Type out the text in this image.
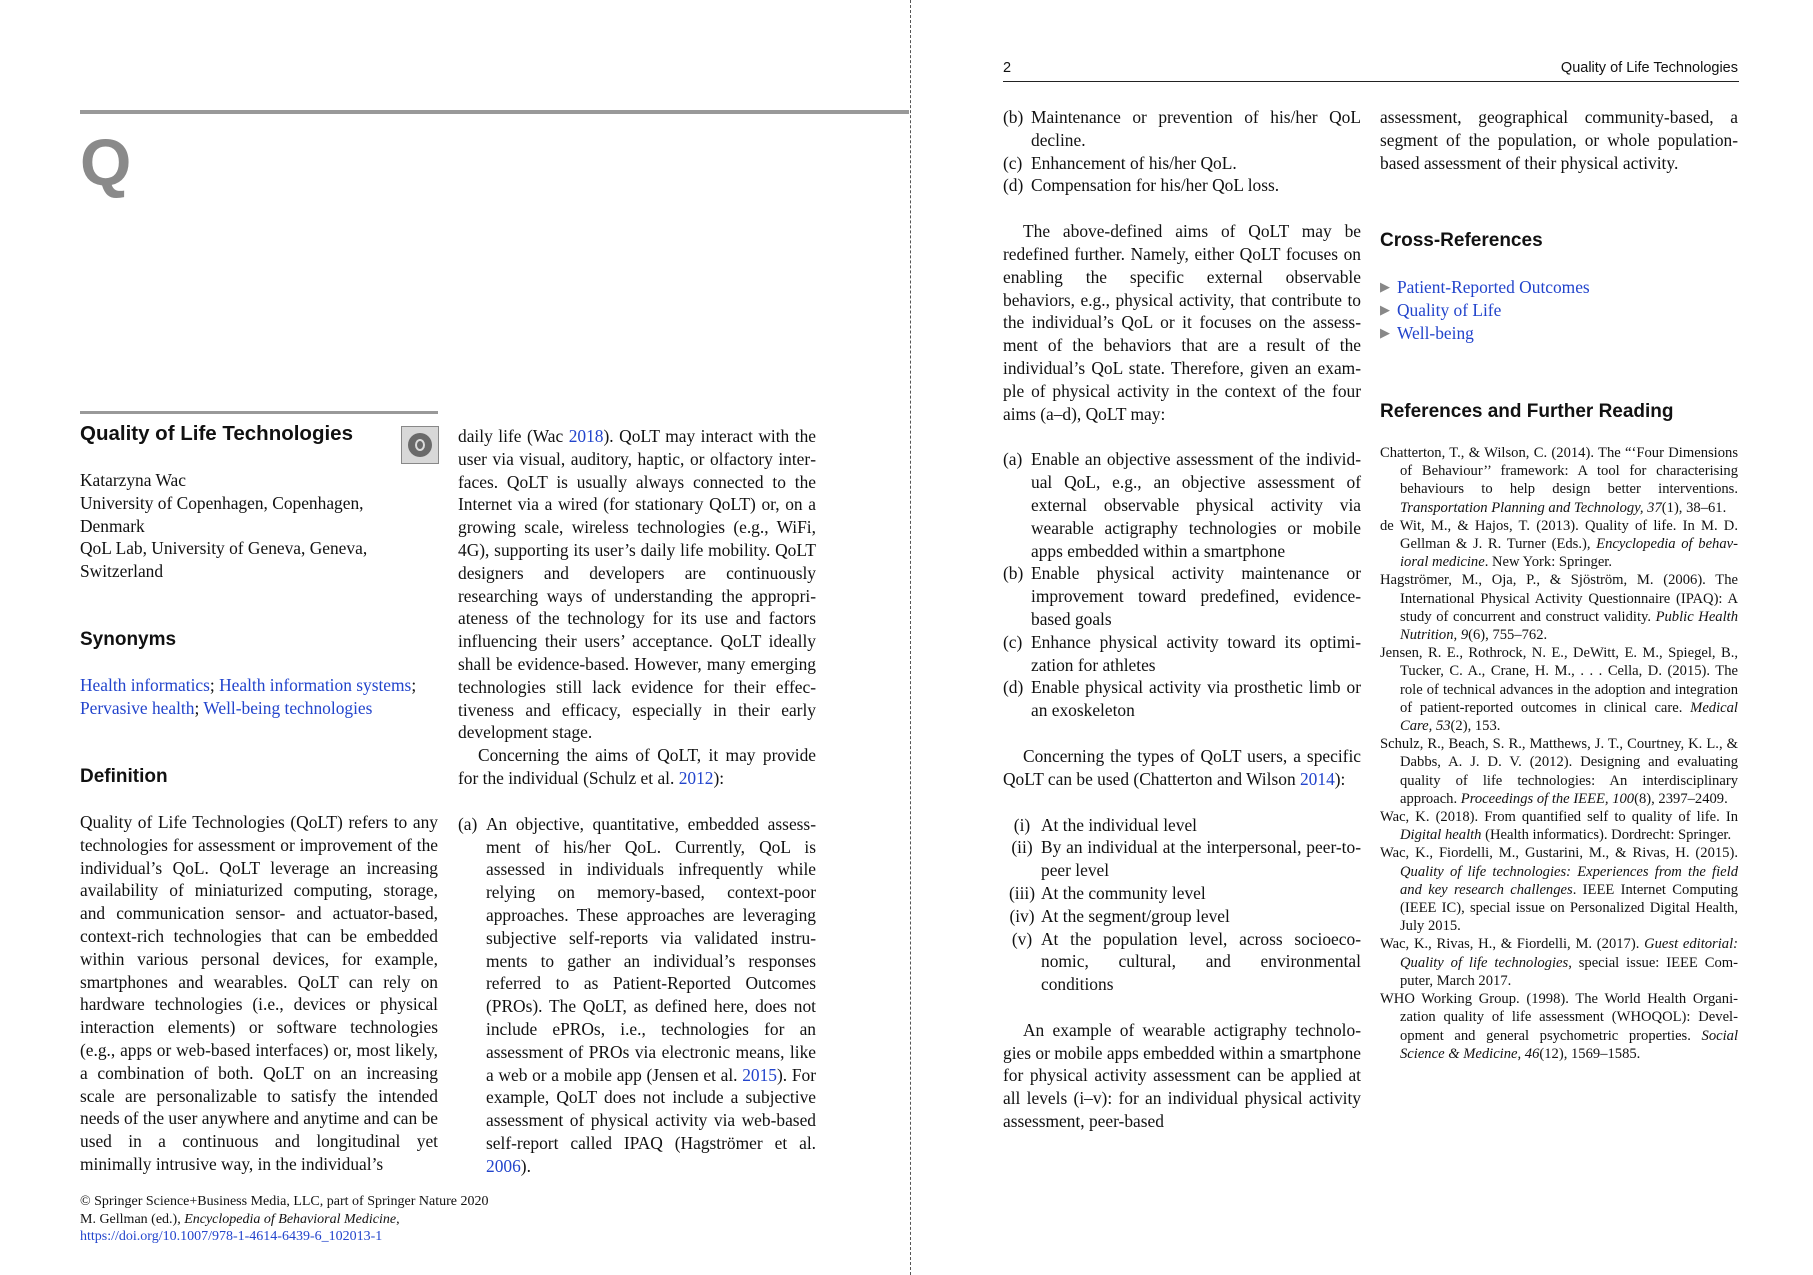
Q
Quality of Life Technologies
Katarzyna Wac
University of Copenhagen, Copenhagen,
Denmark
QoL Lab, University of Geneva, Geneva,
Switzerland
Synonyms
Health informatics; Health information systems;
Pervasive health; Well-being technologies
Definition

Quality of Life Technologies (QoLT) refers to any technologies for assessment or improvement of the individual’s QoL. QoLT leverage an increasing availability of miniaturized computing, storage, and communication sensor- and actuator-based, context-rich technologies that can be embedded within various personal devices, for example, smartphones and wearables. QoLT can rely on hardware technologies (i.e., devices or physical interaction elements) or software technologies (e.g., apps or web-based interfaces) or, most likely, a combination of both. QoLT on an increasing scale are personalizable to satisfy the intended needs of the user anywhere and anytime and can be used in a continuous and longitudinal yet minimally intrusive way, in the individual’s

daily life (Wac 2018). QoLT may interact with the user via visual, auditory, haptic, or olfactory interfaces. QoLT is usually always connected to the Internet via a wired (for stationary QoLT) or, on a growing scale, wireless technologies (e.g., WiFi, 4G), supporting its user’s daily life mobility. QoLT designers and developers are continuously researching ways of understanding the appropriateness of the technology for its use and factors influencing their users’ acceptance. QoLT ideally shall be evidence-based. However, many emerging technologies still lack evidence for their effectiveness and efficacy, especially in their early development stage.

Concerning the aims of QoLT, it may provide for the individual (Schulz et al. 2012):

(a) An objective, quantitative, embedded assessment of his/her QoL. Currently, QoL is assessed in individuals infrequently while relying on memory-based, context-poor approaches. These approaches are leveraging subjective self-reports via validated instruments to gather an individual’s responses referred to as Patient-Reported Outcomes (PROs). The QoLT, as defined here, does not include ePROs, i.e., technologies for an assessment of PROs via electronic means, like a web or a mobile app (Jensen et al. 2015). For example, QoLT does not include a subjective assessment of physical activity via web-based self-report called IPAQ (Hagströmer et al. 2006).
© Springer Science+Business Media, LLC, part of Springer Nature 2020
M. Gellman (ed.), Encyclopedia of Behavioral Medicine,
https://doi.org/10.1007/978-1-4614-6439-6_102013-1
2	Quality of Life Technologies
(b) Maintenance or prevention of his/her QoL decline.
(c) Enhancement of his/her QoL.
(d) Compensation for his/her QoL loss.

The above-defined aims of QoLT may be redefined further. Namely, either QoLT focuses on enabling the specific external observable behaviors, e.g., physical activity, that contribute to the individual’s QoL or it focuses on the assessment of the behaviors that are a result of the individual’s QoL state. Therefore, given an example of physical activity in the context of the four aims (a–d), QoLT may:

(a) Enable an objective assessment of the individual QoL, e.g., an objective assessment of external observable physical activity via wearable actigraphy technologies or mobile apps embedded within a smartphone
(b) Enable physical activity maintenance or improvement toward predefined, evidence-based goals
(c) Enhance physical activity toward its optimization for athletes
(d) Enable physical activity via prosthetic limb or an exoskeleton

Concerning the types of QoLT users, a specific QoLT can be used (Chatterton and Wilson 2014):

(i) At the individual level
(ii) By an individual at the interpersonal, peer-to-peer level
(iii) At the community level
(iv) At the segment/group level
(v) At the population level, across socioeconomic, cultural, and environmental conditions

An example of wearable actigraphy technologies or mobile apps embedded within a smartphone for physical activity assessment can be applied at all levels (i–v): for an individual physical activity assessment, peer-based

assessment, geographical community-based, a segment of the population, or whole population-based assessment of their physical activity.

Cross-References
▶ Patient-Reported Outcomes
▶ Quality of Life
▶ Well-being
References and Further Reading

Chatterton, T., & Wilson, C. (2014). The “‘Four Dimensions of Behaviour’’ framework: A tool for characterising behaviours to help design better interventions. Transportation Planning and Technology, 37(1), 38–61.

de Wit, M., & Hajos, T. (2013). Quality of life. In M. D. Gellman & J. R. Turner (Eds.), Encyclopedia of behavioral medicine. New York: Springer.

Hagströmer, M., Oja, P., & Sjöström, M. (2006). The International Physical Activity Questionnaire (IPAQ): A study of concurrent and construct validity. Public Health Nutrition, 9(6), 755–762.

Jensen, R. E., Rothrock, N. E., DeWitt, E. M., Spiegel, B., Tucker, C. A., Crane, H. M., . . . Cella, D. (2015). The role of technical advances in the adoption and integration of patient-reported outcomes in clinical care. Medical Care, 53(2), 153.

Schulz, R., Beach, S. R., Matthews, J. T., Courtney, K. L., & Dabbs, A. J. D. V. (2012). Designing and evaluating quality of life technologies: An interdisciplinary approach. Proceedings of the IEEE, 100(8), 2397–2409.

Wac, K. (2018). From quantified self to quality of life. In Digital health (Health informatics). Dordrecht: Springer.

Wac, K., Fiordelli, M., Gustarini, M., & Rivas, H. (2015). Quality of life technologies: Experiences from the field and key research challenges. IEEE Internet Computing (IEEE IC), special issue on Personalized Digital Health, July 2015.

Wac, K., Rivas, H., & Fiordelli, M. (2017). Guest editorial: Quality of life technologies, special issue: IEEE Computer, March 2017.

WHO Working Group. (1998). The World Health Organization quality of life assessment (WHOQOL): Development and general psychometric properties. Social Science & Medicine, 46(12), 1569–1585.
